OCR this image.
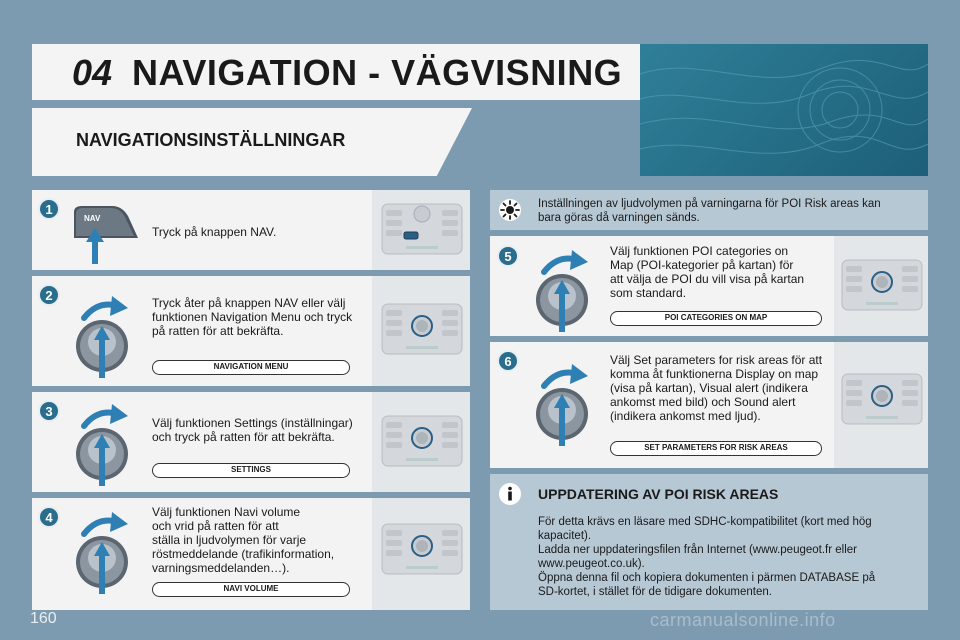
04 NAVIGATION - VÄGVISNING
NAVIGATIONSINSTÄLLNINGAR
1
NAV
Tryck på knappen NAV.
2
Tryck åter på knappen NAV eller välj
funktionen Navigation Menu och tryck
på ratten för att bekräfta.
NAVIGATION MENU
3
Välj funktionen Settings (inställningar)
och tryck på ratten för att bekräfta.
SETTINGS
4	Välj funktionen Navi volume
och vrid på ratten för att
ställa in ljudvolymen för varje
röstmeddelande (trafikinformation,
varningsmeddelanden…).
NAVI VOLUME
Inställningen av ljudvolymen på varningarna för POI Risk areas kan
bara göras då varningen sänds.
5	Välj funktionen POI categories on
Map (POI-kategorier på kartan) för
att välja de POI du vill visa på kartan
som standard.
POI CATEGORIES ON MAP
6	Välj Set parameters for risk areas för att
komma åt funktionerna Display on map
(visa på kartan), Visual alert (indikera
ankomst med bild) och Sound alert
(indikera ankomst med ljud).
SET PARAMETERS FOR RISK AREAS
UPPDATERING AV POI RISK AREAS
För detta krävs en läsare med SDHC-kompatibilitet (kort med hög
kapacitet).
Ladda ner uppdateringsfilen från Internet (www.peugeot.fr eller
www.peugeot.co.uk).
Öppna denna fil och kopiera dokumenten i pärmen DATABASE på
SD-kortet, i stället för de tidigare dokumenten.
160	carmanualsonline.info
